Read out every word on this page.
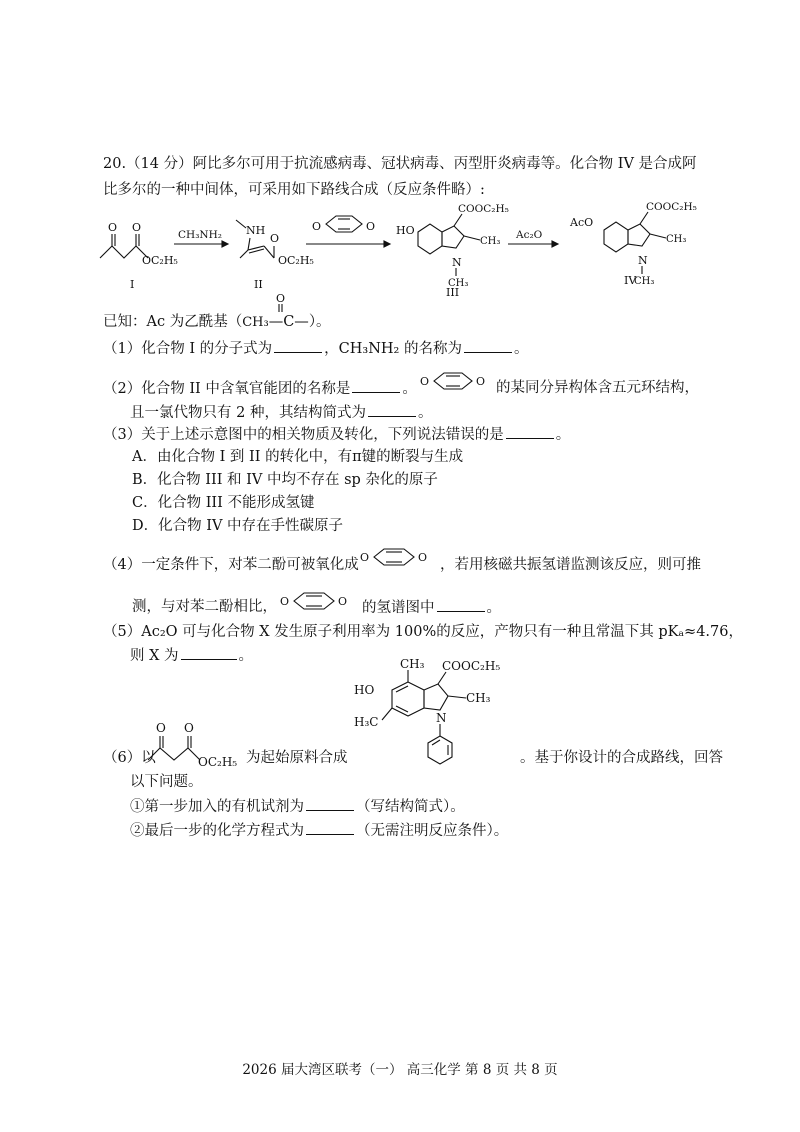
20.（14 分）阿比多尔可用于抗流感病毒、冠状病毒、丙型肝炎病毒等。化合物 IV 是合成阿
比多尔的一种中间体，可采用如下路线合成（反应条件略）:
O O
OC₂H₅
I
CH₃NH₂ NH
O
OC₂H₅
II
O	O HO
N
CH₃
CH₃
COOC₂H₅
III
Ac₂O
AcO
N
CH₃
CH₃
COOC₂H₅
IV
已知：Ac 为乙酰基（CH₃—C—）。
O
（1）化合物 I 的分子式为	，CH₃NH₂ 的名称为	。
（2）化合物 II 中含氧官能团的名称是	。 O	O 的某同分异构体含五元环结构，
且一氯代物只有 2 种，其结构简式为	。
（3）关于上述示意图中的相关物质及转化，下列说法错误的是	。
A．由化合物 I 到 II 的转化中，有π键的断裂与生成
B．化合物 III 和 IV 中均不存在 sp 杂化的原子
C．化合物 III 不能形成氢键
D．化合物 IV 中存在手性碳原子
（4）一定条件下，对苯二酚可被氧化成 O	O ，若用核磁共振氢谱监测该反应，则可推
测，与对苯二酚相比， O	O 的氢谱图中	。
（5）Ac₂O 可与化合物 X 发生原子利用率为 100%的反应，产物只有一种且常温下其 pKₐ≈4.76，
则 X 为	。
（6）以
O O
OC₂H₅ 为起始原料合成
HO
CH₃ COOC₂H₅
CH₃
H₃C	N
。基于你设计的合成路线，回答
以下问题。
①第一步加入的有机试剂为	（写结构简式）。
②最后一步的化学方程式为	（无需注明反应条件）。
2026 届大湾区联考（一） 高三化学 第 8 页 共 8 页
